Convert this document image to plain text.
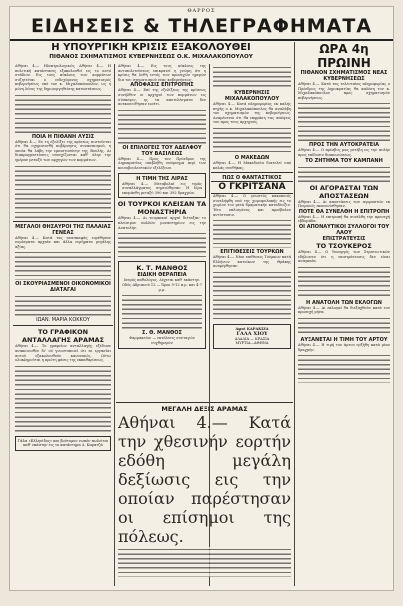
ΘΑΡΡΟΣ
ΕΙΔΗΣΕΙΣ & ΤΗΛΕΓΡΑΦΗΜΑΤΑ
Η ΥΠΟΥΡΓΙΚΗ ΚΡΙΣΙΣ ΕΞΑΚΟΛΟΥΘΕΙ
ΠΙΘΑΝΟΣ ΣΧΗΜΑΤΙΣΜΟΣ ΚΥΒΕΡΝΗΣΕΩΣ Ο.Κ. ΜΙΧΑΛΑΚΟΠΟΥΛΟΥ
Αθήναι 4.— Ηλεκτρολογικώς Αθήναι 4.— Η πολιτική κατάστασις εξακολουθεί εις το αυτό στάδιον. Εις τους κύκλους των κομμάτων συζητείται ο ενδεχόμενος σχηματισμός κυβερνήσεως υπό τον κ. Μιχαλακόπουλον, ως η μόνη λύσις της δημιουργηθείσης καταστάσεως.
ΠΟΙΑ Η ΠΙΘΑΝΗ ΛΥΣΙΣ
Αθήναι 4.— Εν τη εξελίξει της κρίσεως πιστεύεται ότι θα σχηματισθή κυβέρνησις συνασπισμού, η οποία θα λάβη την εμπιστοσύνην της Βουλής. Αι διαπραγματεύσεις συνεχίζονται καθ' όλην την ημέραν μεταξύ των αρχηγών των κομμάτων.
ΜΕΓΑΛΟΙ ΘΗΣΑΥΡΟΙ ΤΗΣ ΠΑΛΑΙΑΣ ΓΕΝΕΑΣ
Αθήναι 4.— Κατά τας ανασκαφάς ευρέθησαν νομίσματα αρχαία και άλλα ευρήματα μεγάλης αξίας.
ΟΙ ΣΚΟΥΡΙΑΣΜΕΝΟΙ ΟΙΚΟΝΟΜΙΚΟΙ ΔΙΑΤΑΓΑΙ
ΙΩΑΝ. ΜΑΡΙΑ ΚΟΚΚΟΥ
ΤΟ ΓΡΑΦΙΚΟΝ ΑΝΤΑΛΛΑΓΗΣ ΑΡΑΜΑΣ
Αθήναι 4.— Το γραφείον ανταλλαγής εξέδωσε ανακοινωθέν δι' ού γνωστοποιεί ότι αι εργασίαι αυτού εξακολουθούν κανονικώς. Ούτω ολοκληρούται η πρώτη φάσις της εκκαθαρίσεως.
Γάλα «Ελληνίδος» και βούτυρον νωπόν πωλείται καθ' εκάστην εις το κατάστημα Δ. Καρατζά
Αθήναι 4.— Εις τους κύκλους της αντιπολιτεύσεως επικρατεί η γνώμη ότι η κρίσις θα λυθή εντός των προσεχών ημερών δια του σχηματισμού νέας κυβερνήσεως.
ΑΠΟΦΑΣΙΣ ΕΠΙΤΡΟΠΗΣ
Αθήναι 4.— Επί της εξελίξεως της κρίσεως συνήλθον οι αρχηγοί των κομμάτων εις σύσκεψιν, ης τα αποτελέσματα δεν ανεκοινώθησαν εισέτι.
ΟΙ ΕΠΙΛΟΓΕΙΣ ΤΟΥ ΑΔΕΛΦΟΥ ΤΟΥ ΒΑΣΙΛΕΩΣ
Αθήναι 4.— Προς τον Πρόεδρον της Δημοκρατίας υπεβλήθη υπόμνημα περί των κοινοβουλευτικών εξελίξεων.
Η ΤΙΜΗ ΤΗΣ ΛΙΡΑΣ
Αθήναι 4.— Μεταβολαί εις τιμάς συναλλάγματος σημειώθησαν. Η λίρα εκυμάνθη μεταξύ 390 και 392 δραχμών.
ΟΙ ΤΟΥΡΚΟΙ ΚΛΕΙΣΑΝ ΤΑ ΜΟΝΑΣΤΗΡΙΑ
Αθήναι 4.— Αι τουρκικαί αρχαί διέταξαν το κλείσιμον πολλών μοναστηρίων εις την Ανατολήν.
Κ. Τ. ΜΑΝΘΟΣ
ΕΙΔΙΚΗ ΘΕΡΑΠΕΙΑ
Ιατρός παθολόγος. Δέχεται καθ' εκάστην. Οδός Αδριανού 12 — Ώραι 9-12 π.μ. και 4-7 μ.μ.
Σ. Θ. ΜΑΝΘΟΣ
Φαρμακείον — εκτέλεσις συνταγών νυχθημερόν
ΚΥΒΕΡΝΗΣΙΣ ΜΙΧΑΛΑΚΟΠΟΥΛΟΥ
Αθήναι 4.— Κατά πληροφορίας εκ καλής πηγής ο κ. Μιχαλακόπουλος θα αναλάβη τον σχηματισμόν της κυβερνήσεως. Αναμένεται ότι θα εκφράση τας απόψεις του προς τους αρχηγούς.
Ο ΜΑΚΕΔΩΝ
Αθήναι 4.— Η Μακεδονία διατελεί υπό καλάς συνθήκας.
ΠΩΣ Ο ΦΑΝΤΑΣΤΙΚΟΣ
Ο ΓΚΡΙΤΣΑΝΑ
Αθήναι 4.— Ο γνωστός κακοποιός συνελήφθη υπό της χωροφυλακής εις το χωρίον του μετά δραματικήν καταδίωξιν. Ήτο οπλισμένος και προέβαλεν αντίστασιν.
ΕΠΙΤΙΘΕΣΕΙΣ ΤΟΥΡΚΩΝ
Αθήναι 4.— Νέαι επιθέσεις Τούρκων κατά Ελλήνων κατοίκων της Θράκης ανεφέρθησαν.
Αφοί ΚΑΡΑΚΙΖΑ
ΓΑΛΑ ΧΙΟΥ
ΑΛΑΔΙΑ — ΚΡΑΣΙΑ
ΜΥΡΤΙΑ—ΑΘΗΝΑ
ΩΡΑ 4η ΠΡΩΙΝΗ
ΠΙΘΑΝΟΝ ΣΧΗΜΑΤΙΣΜΟΣ ΝΕΑΣ ΚΥΒΕΡΝΗΣΕΩΣ
Αθήναι 4.— Κατά τας τελευταίας πληροφορίας ο Πρόεδρος της Δημοκρατίας θα καλέση τον κ. Μιχαλακόπουλον προς σχηματισμόν κυβερνήσεως.
ΠΡΟΣ ΤΗΝ ΑΥΤΟΚΡΑΤΕΙΑ
Αθήναι 4.— Ο πρέσβυς μας μετέβη εις την αυλήν προς επίδοσιν διακοινώσεως.
ΤΟ ΖΗΤΗΜΑ ΤΟΥ ΚΑΜΠΑΝΗ
ΟΙ ΑΓΟΡΑΣΤΑΙ ΤΩΝ ΑΠΟΣΤΑΣΕΩΝ
Αθήναι 4.— Αι αποστάσεις των αγοραστών εκ Πειραιώς εκανονίσθησαν.
ΠΟΤΕ ΘΑ ΣΥΝΕΛΘΗ Η ΕΠΙΤΡΟΠΗ
Αθήναι 4.— Η επιτροπή θα συνέλθη την προσεχή εβδομάδα.
ΟΙ ΑΠΟΝΑΥΤΙΚΟΙ ΣΥΛΛΟΓΟΙ ΤΟΥ ΛΑΟΥ
ΕΠΙΣΤΡΑΤΕΥΣΙΣ
ΤΟ ΤΣΟΥΚΕΡΟΣ
Αθήναι 4.— Ο Υπουργός των Στρατιωτικών εδήλωσεν ότι η επιστράτευσις δεν είναι αναγκαία.
Η ΑΝΑΤΟΛΗ ΤΩΝ ΕΚΛΟΓΩΝ
Αθήναι 4.— Αι εκλογαί θα διεξαχθούν κατά τον προσεχή μήνα.
ΑΥΞΑΝΕΤΑΙ Η ΤΙΜΗ ΤΟΥ ΑΡΤΟΥ
Αθήναι 4.— Η τιμή του άρτου ηυξήθη κατά μίαν δραχμήν.
ΜΕΓΑΛΗ ΔΕΞΙΣ ΑΡΑΜΑΣ
Αθήναι 4.— Κατά την χθεσινήν εορτήν εδόθη μεγάλη δεξίωσις εις την οποίαν παρέστησαν οι επίσημοι της πόλεως.
